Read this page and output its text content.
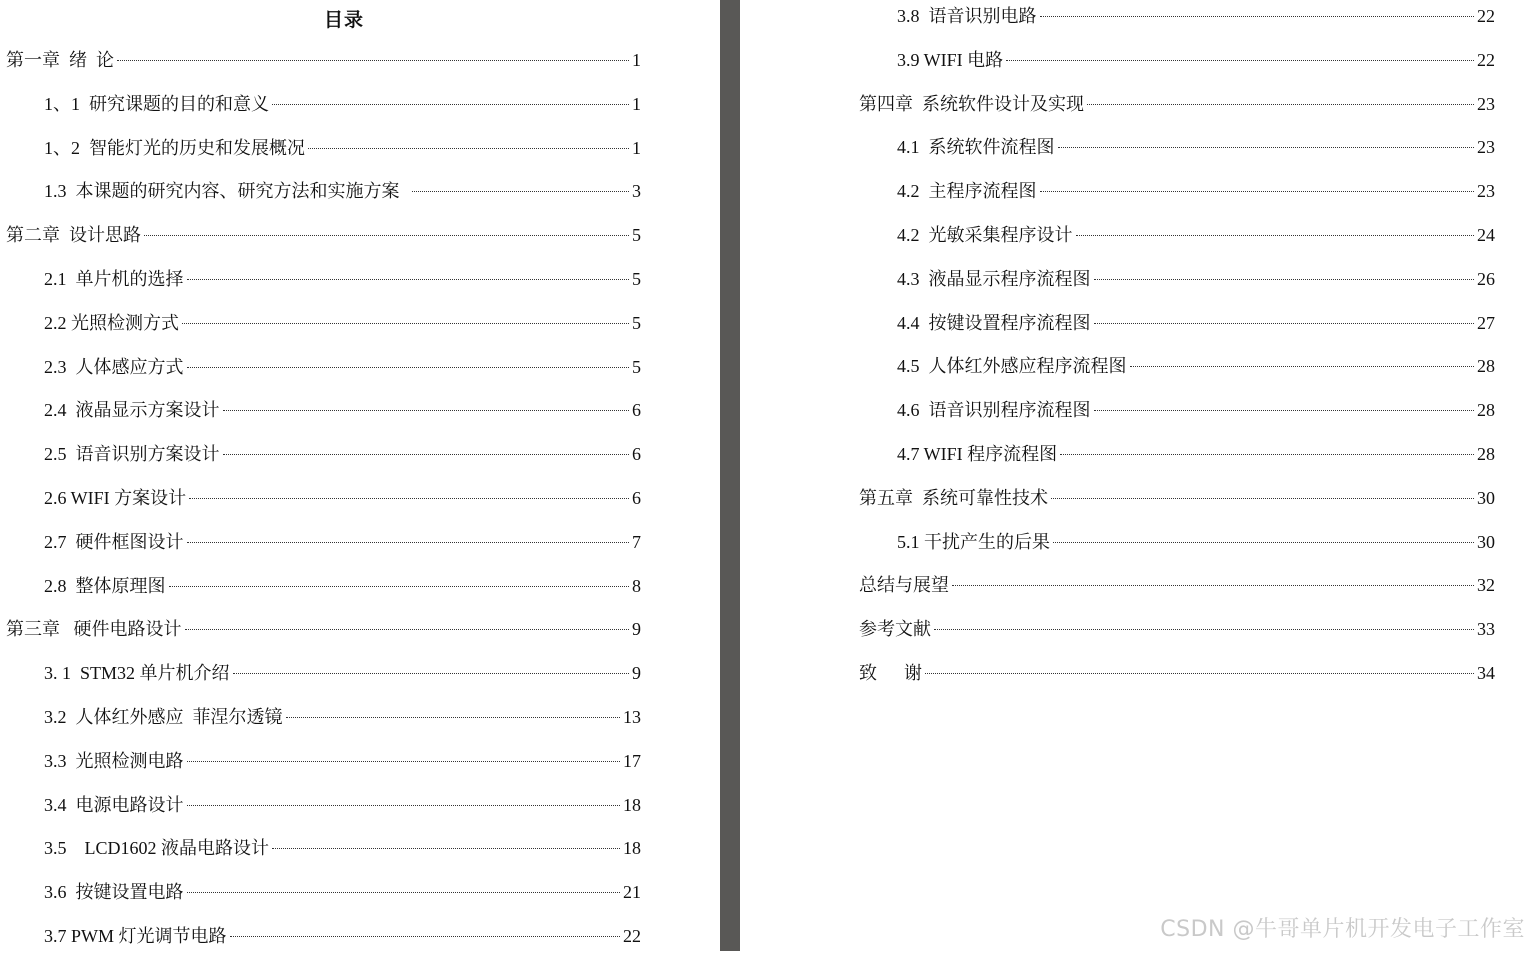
目录
第一章  绪  论	1
1、1  研究课题的目的和意义	1
1、2  智能灯光的历史和发展概况	1
1.3  本课题的研究内容、研究方法和实施方案	3
第二章  设计思路	5
2.1  单片机的选择	5
2.2 光照检测方式	5
2.3  人体感应方式	5
2.4  液晶显示方案设计	6
2.5  语音识别方案设计	6
2.6 WIFI 方案设计	6
2.7  硬件框图设计	7
2.8  整体原理图	8
第三章   硬件电路设计	9
3. 1  STM32 单片机介绍	9
3.2  人体红外感应  菲涅尔透镜	13
3.3  光照检测电路	17
3.4  电源电路设计	18
3.5    LCD1602 液晶电路设计	18
3.6  按键设置电路	21
3.7 PWM 灯光调节电路	22
3.8  语音识别电路	22
3.9 WIFI 电路	22
第四章  系统软件设计及实现	23
4.1  系统软件流程图	23
4.2  主程序流程图	23
4.2  光敏采集程序设计	24
4.3  液晶显示程序流程图	26
4.4  按键设置程序流程图	27
4.5  人体红外感应程序流程图	28
4.6  语音识别程序流程图	28
4.7 WIFI 程序流程图	28
第五章  系统可靠性技术	30
5.1 干扰产生的后果	30
总结与展望	32
参考文献	33
致      谢	34
CSDN @牛哥单片机开发电子工作室
